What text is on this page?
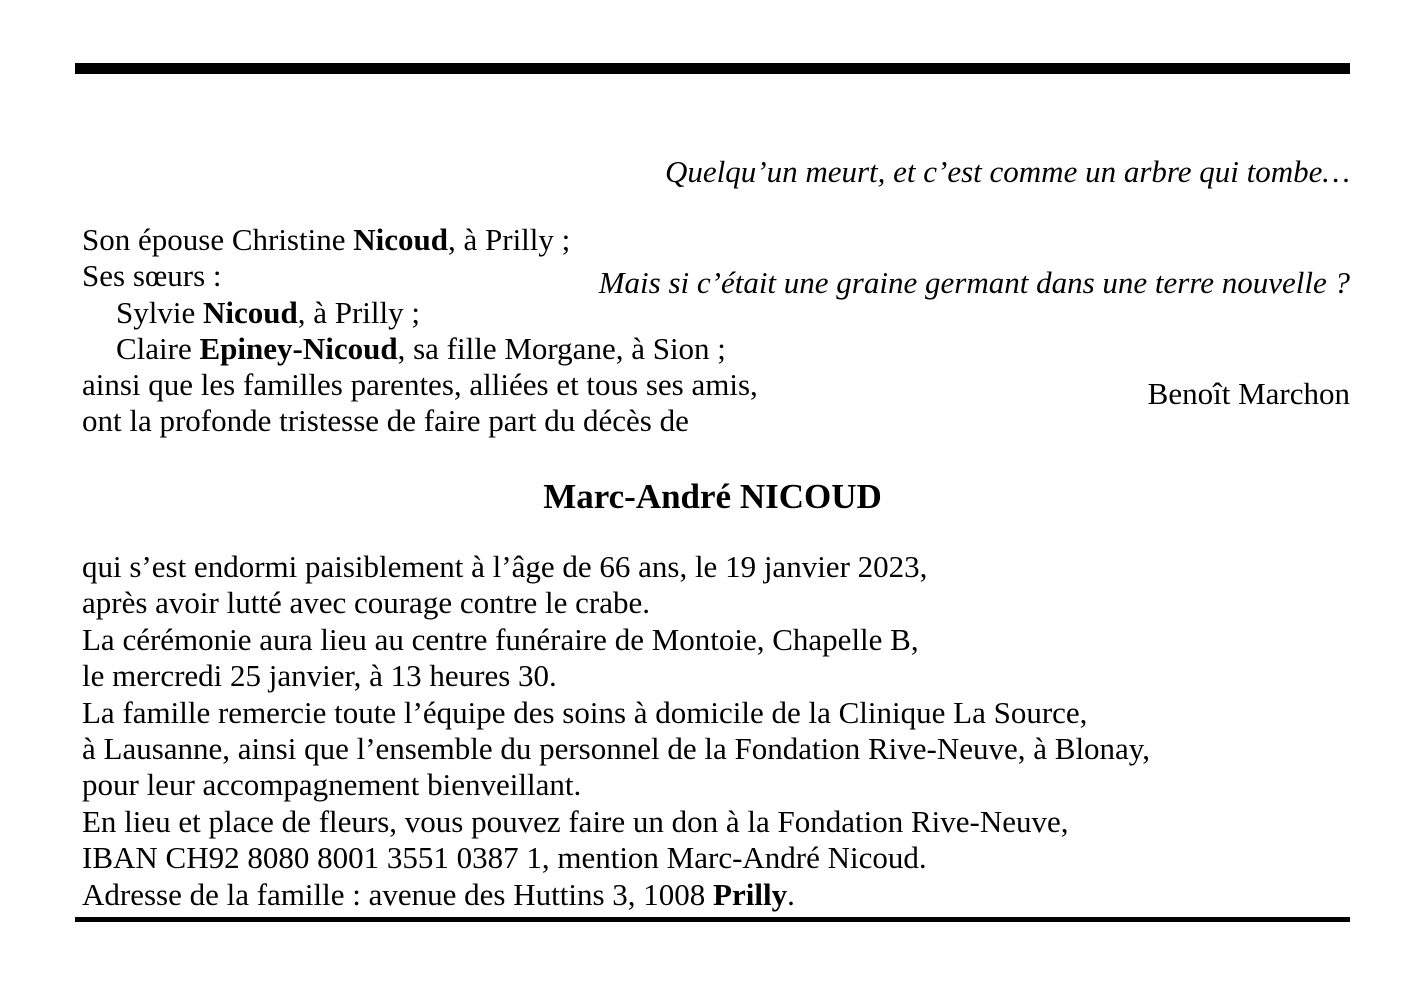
Quelqu’un meurt, et c’est comme un arbre qui tombe…

Mais si c’était une graine germant dans une terre nouvelle ?

Benoît Marchon

Son épouse Christine Nicoud, à Prilly ;
Ses sœurs :
Sylvie Nicoud, à Prilly ;
Claire Epiney-Nicoud, sa fille Morgane, à Sion ;
ainsi que les familles parentes, alliées et tous ses amis,
ont la profonde tristesse de faire part du décès de
Marc-André NICOUD
qui s’est endormi paisiblement à l’âge de 66 ans, le 19 janvier 2023,
après avoir lutté avec courage contre le crabe.
La cérémonie aura lieu au centre funéraire de Montoie, Chapelle B,
le mercredi 25 janvier, à 13 heures 30.
La famille remercie toute l’équipe des soins à domicile de la Clinique La Source,
à Lausanne, ainsi que l’ensemble du personnel de la Fondation Rive-Neuve, à Blonay,
pour leur accompagnement bienveillant.
En lieu et place de fleurs, vous pouvez faire un don à la Fondation Rive-Neuve,
IBAN CH92 8080 8001 3551 0387 1, mention Marc-André Nicoud.
Adresse de la famille : avenue des Huttins 3, 1008 Prilly.
